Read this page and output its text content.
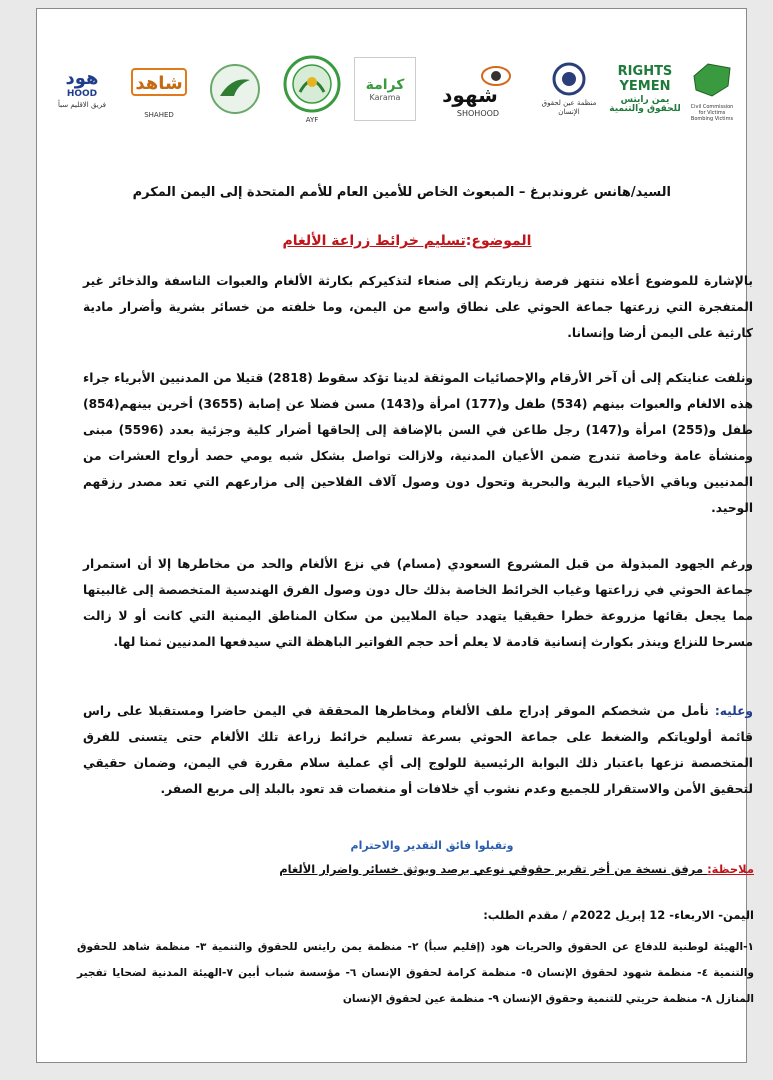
هود
HOOD
فريق الاقليم سبأ
شاهد
SHAHED
AYF
كرامة
Karama شهود
SHOHOOD
منظمة عين لحقوق الإنسان
RIGHTS
YEMEN
يمن رايتس للحقوق والتنمية	Civil Commission for Victims Bombing Victims
السيد/هانس غروندبرغ – المبعوث الخاص للأمين العام للأمم المتحدة إلى اليمن المكرم
الموضوع:تسليم خرائط زراعة الألغام
بالإشارة للموضوع أعلاه ننتهز فرصة زيارتكم إلى صنعاء لتذكيركم بكارثة الألغام والعبوات الناسفة والذخائر غير المتفجرة التي زرعتها جماعة الحوثي على نطاق واسع من اليمن، وما خلفته من خسائر بشرية وأضرار مادية كارثية على اليمن أرضا وإنسانا.
ونلفت عنايتكم إلى أن آخر الأرقام والإحصائيات الموثقة لدينا تؤكد سقوط (2818) قتيلا من المدنيين الأبرياء جراء هذه الالغام والعبوات بينهم (534) طفل و(177) امرأة و(143) مسن فضلا عن إصابة (3655) أخرين بينهم(854) طفل و(255) امرأة و(147) رجل طاعن في السن بالإضافة إلى إلحاقها أضرار كلية وجزئية بعدد (5596) مبنى ومنشأة عامة وخاصة تندرج ضمن الأعيان المدنية، ولازالت تواصل بشكل شبه يومي حصد أرواح العشرات من المدنيين وباقي الأحياء البرية والبحرية وتحول دون وصول آلاف الفلاحين إلى مزارعهم التي تعد مصدر رزقهم الوحيد.
ورغم الجهود المبذولة من قبل المشروع السعودي (مسام) في نزع الألغام والحد من مخاطرها إلا أن استمرار جماعة الحوثي في زراعتها وغياب الخرائط الخاصة بذلك حال دون وصول الفرق الهندسية المتخصصة إلى غالبيتها مما يجعل بقائها مزروعة خطرا حقيقيا يتهدد حياة الملايين من سكان المناطق اليمنية التي كانت أو لا زالت مسرحا للنزاع وينذر بكوارث إنسانية قادمة لا يعلم أحد حجم الفواتير الباهظة التي سيدفعها المدنيين ثمنا لها.
وعليه: نأمل من شخصكم الموقر إدراج ملف الألغام ومخاطرها المحققة في اليمن حاضرا ومستقبلا على راس قائمة أولوياتكم والضغط على جماعة الحوثي بسرعة تسليم خرائط زراعة تلك الألغام حتى يتسنى للفرق المتخصصة نزعها باعتبار ذلك البوابة الرئيسية للولوج إلى أي عملية سلام مقررة في اليمن، وضمان حقيقي لتحقيق الأمن والاستقرار للجميع وعدم نشوب أي خلافات أو منغصات قد تعود بالبلد إلى مربع الصفر.
وتقبلوا فائق التقدير والاحترام
ملاحظة: مرفق نسخة من أخر تقرير حقوقي نوعي يرصد ويوثق خسائر واضرار الألغام
اليمن- الاربعاء- 12 إبريل 2022م / مقدم الطلب:
١-الهيئة لوطنية للدفاع عن الحقوق والحريات هود (إقليم سبأ) ٢- منظمة يمن رايتس للحقوق والتنمية ٣- منظمة شاهد للحقوق والتنمية ٤- منظمة شهود لحقوق الإنسان ٥- منظمة كرامة لحقوق الإنسان ٦- مؤسسة شباب أبين ٧-الهيئة المدنية لضحايا تفجير المنازل ٨- منظمة حريتي للتنمية وحقوق الإنسان ٩- منظمة عين لحقوق الإنسان
